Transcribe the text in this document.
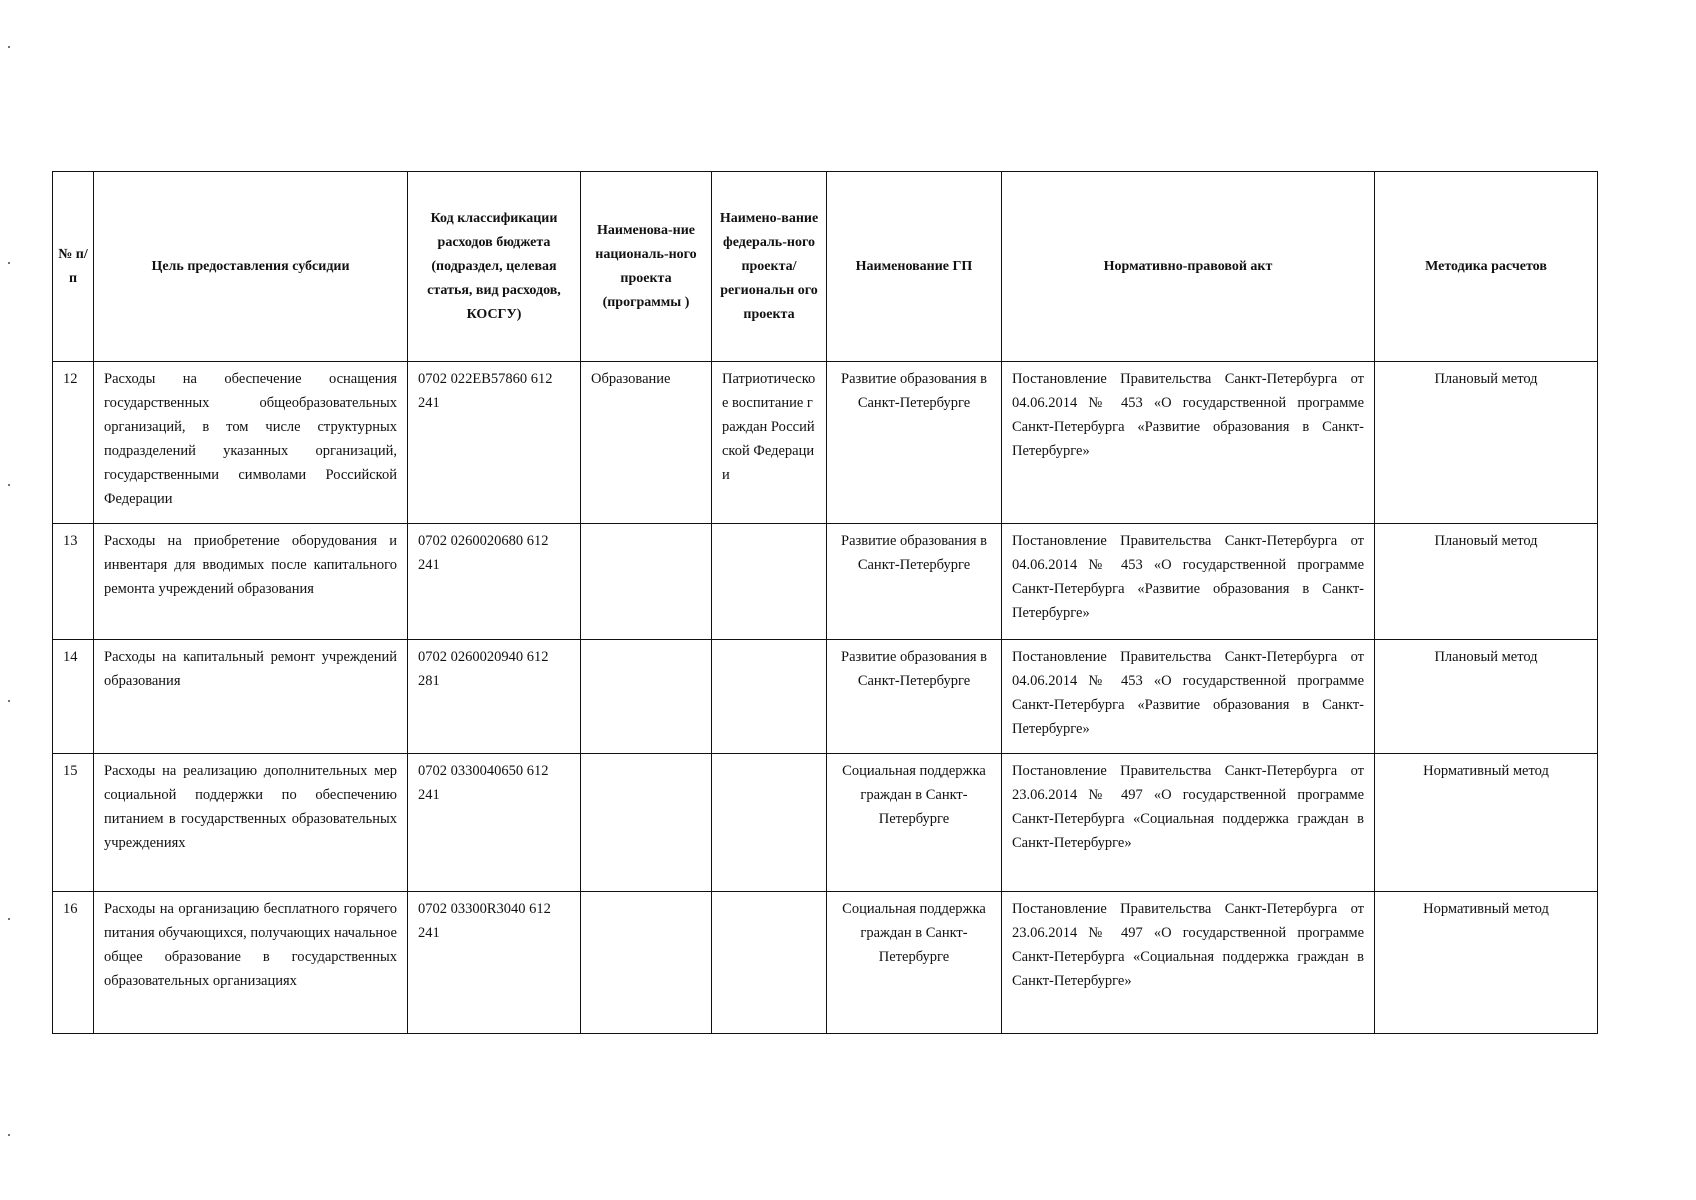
№ п/ п	Цель предоставления субсидии	Код классификации расходов бюджета (подраздел, целевая статья, вид расходов, КОСГУ)	Наименова-ние националь-ного проекта (программы )	Наимено-вание федераль-ного проекта/ региональн ого проекта	Наименование ГП	Нормативно-правовой акт	Методика расчетов
12	Расходы на обеспечение оснащения государственных общеобразовательных организаций, в том числе структурных подразделений указанных организаций, государственными символами Российской Федерации	0702 022EB57860 612 241	Образование	Патриотическое воспитание граждан Российской Федерации	Развитие образования в Санкт-Петербурге	Постановление Правительства Санкт-Петербурга от 04.06.2014 № 453 «О государственной программе Санкт-Петербурга «Развитие образования в Санкт-Петербурге»	Плановый метод
13	Расходы на приобретение оборудования и инвентаря для вводимых после капитального ремонта учреждений образования	0702 0260020680 612 241			Развитие образования в Санкт-Петербурге	Постановление Правительства Санкт-Петербурга от 04.06.2014 № 453 «О государственной программе Санкт-Петербурга «Развитие образования в Санкт-Петербурге»	Плановый метод
14	Расходы на капитальный ремонт учреждений образования	0702 0260020940 612 281			Развитие образования в Санкт-Петербурге	Постановление Правительства Санкт-Петербурга от 04.06.2014 № 453 «О государственной программе Санкт-Петербурга «Развитие образования в Санкт-Петербурге»	Плановый метод
15	Расходы на реализацию дополнительных мер социальной поддержки по обеспечению питанием в государственных образовательных учреждениях	0702 0330040650 612 241			Социальная поддержка граждан в Санкт-Петербурге	Постановление Правительства Санкт-Петербурга от 23.06.2014 № 497 «О государственной программе Санкт-Петербурга «Социальная поддержка граждан в Санкт-Петербурге»	Нормативный метод
16	Расходы на организацию бесплатного горячего питания обучающихся, получающих начальное общее образование в государственных образовательных организациях	0702 03300R3040 612 241			Социальная поддержка граждан в Санкт-Петербурге	Постановление Правительства Санкт-Петербурга от 23.06.2014 № 497 «О государственной программе Санкт-Петербурга «Социальная поддержка граждан в Санкт-Петербурге»	Нормативный метод
